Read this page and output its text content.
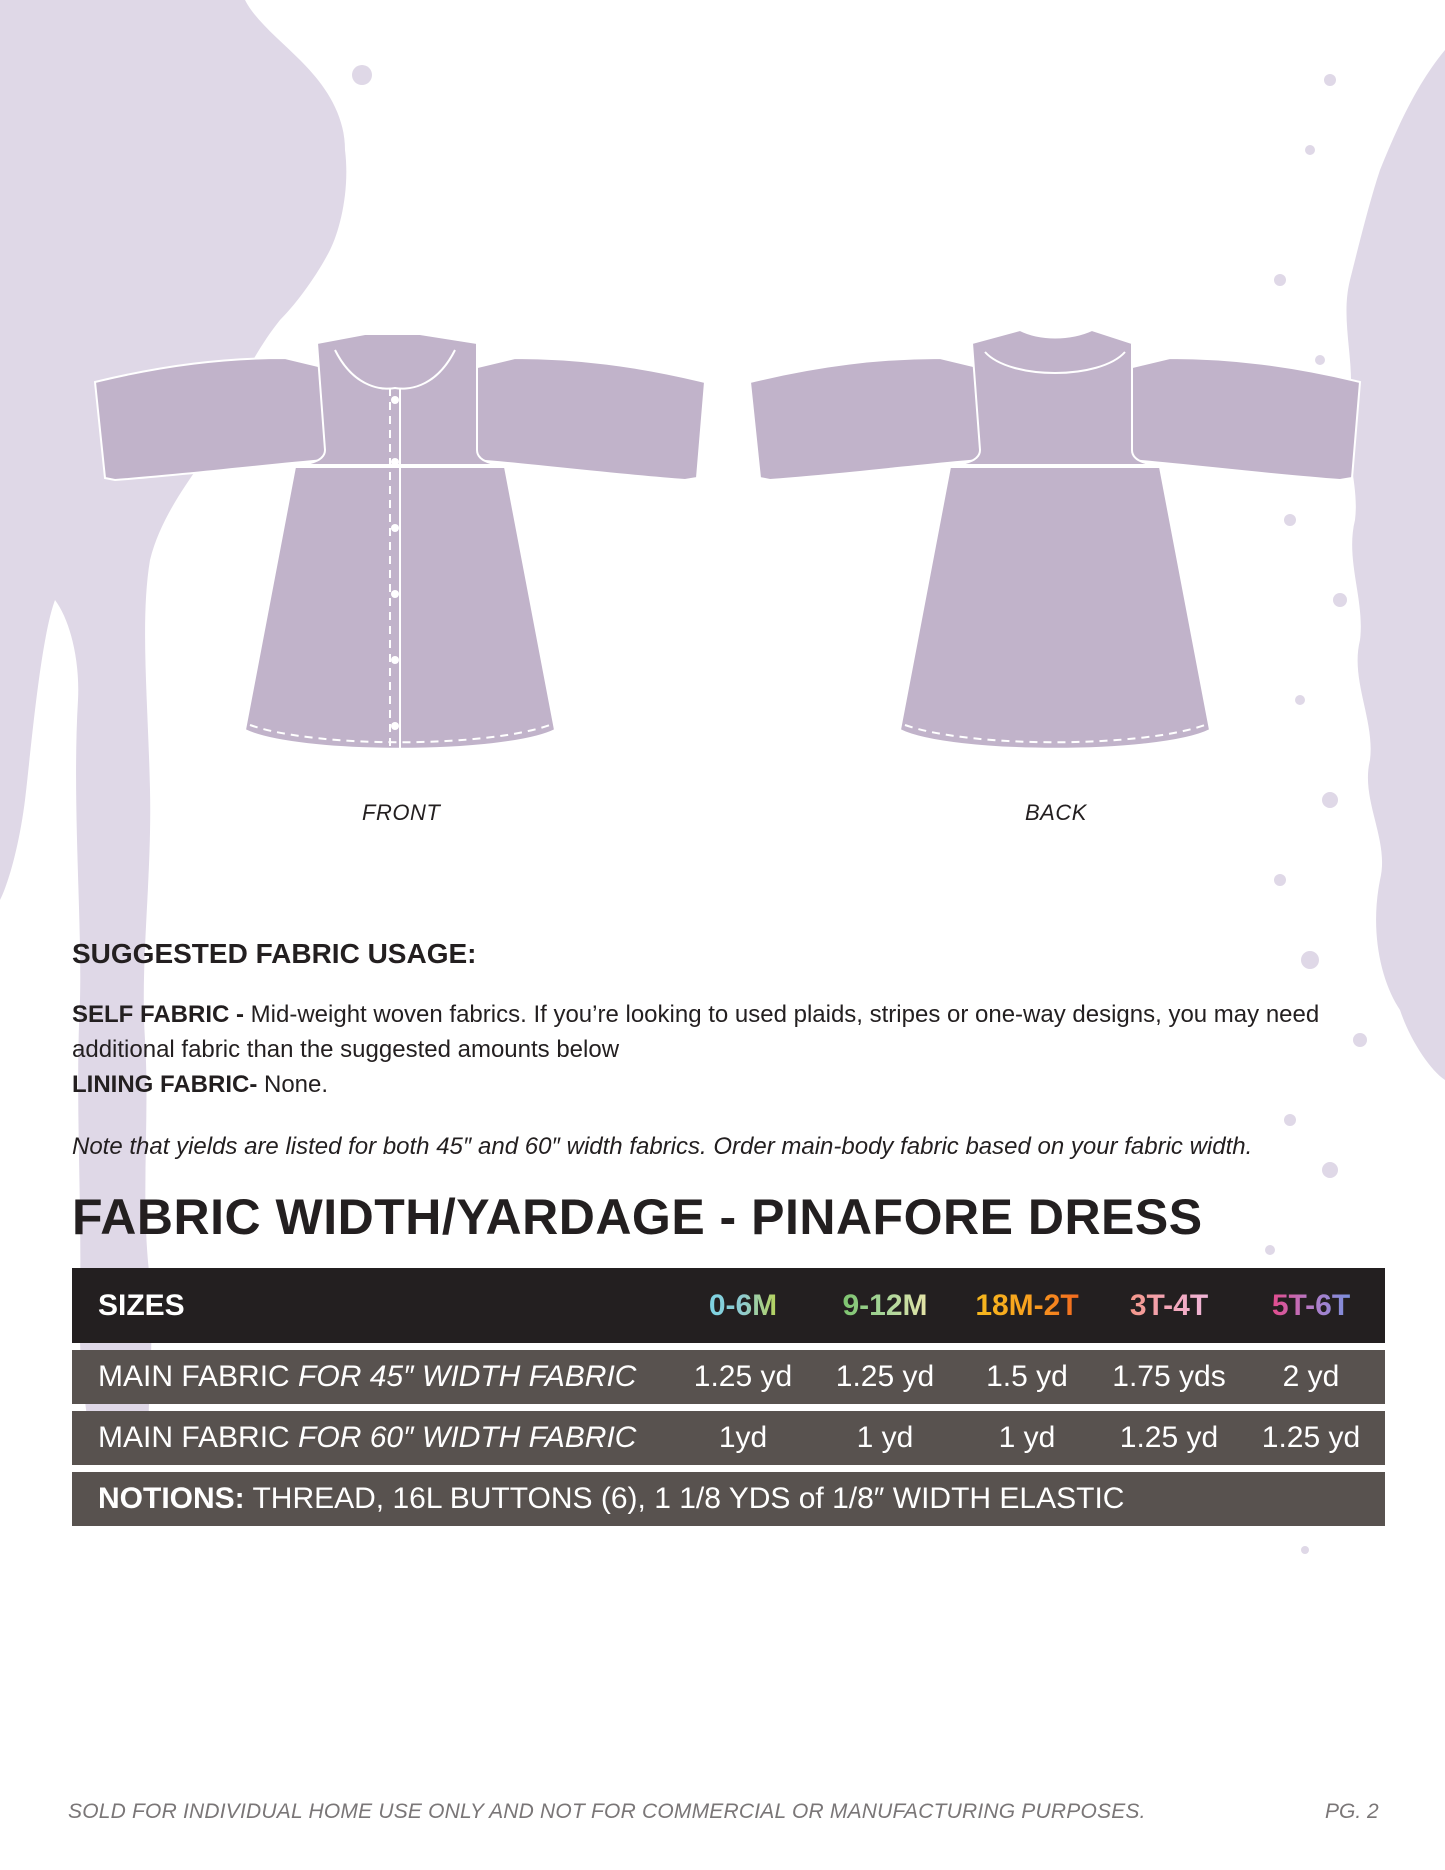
FRONT	BACK
SUGGESTED FABRIC USAGE:
SELF FABRIC - Mid-weight woven fabrics. If you’re looking to used plaids, stripes or one-way designs, you may need additional fabric than the suggested amounts below
LINING FABRIC- None.
Note that yields are listed for both 45″ and 60″ width fabrics. Order main-body fabric based on your fabric width.
FABRIC WIDTH/YARDAGE - PINAFORE DRESS
SIZES	0-6M	9-12M	18M-2T	3T-4T	5T-6T
MAIN FABRIC FOR 45″ WIDTH FABRIC	1.25 yd	1.25 yd	1.5 yd	1.75 yds	2 yd
MAIN FABRIC FOR 60″ WIDTH FABRIC	1yd	1 yd	1 yd	1.25 yd	1.25 yd
NOTIONS: THREAD, 16L BUTTONS (6), 1 1/8 YDS of 1/8″ WIDTH ELASTIC
SOLD FOR INDIVIDUAL HOME USE ONLY AND NOT FOR COMMERCIAL OR MANUFACTURING PURPOSES.	PG. 2
